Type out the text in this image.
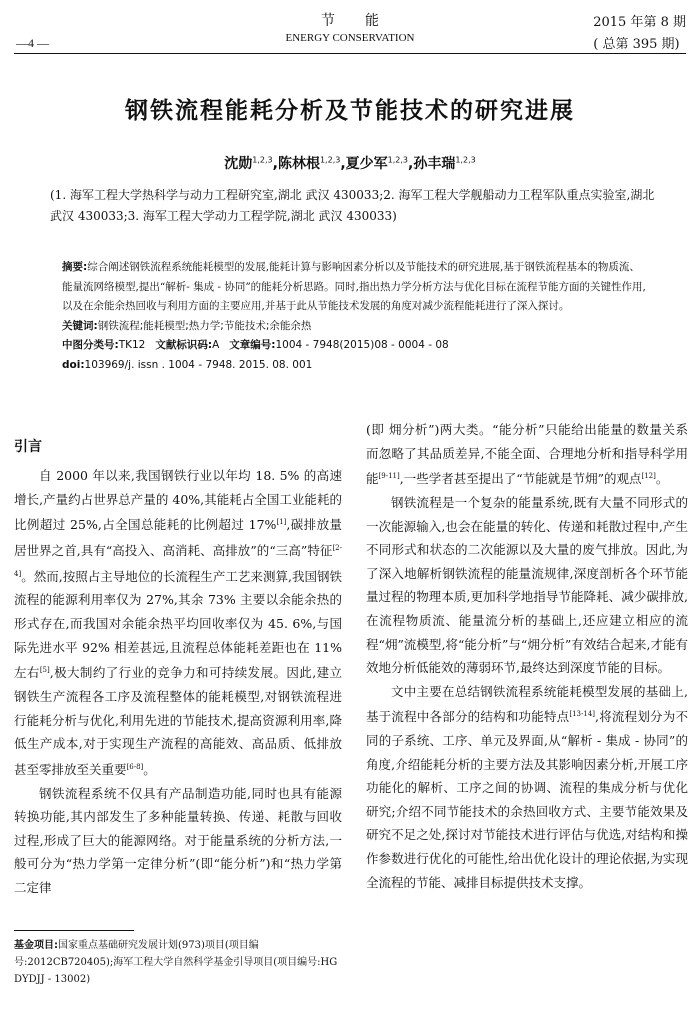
节能
ENERGY CONSERVATION
—4 —
2015 年第 8 期
( 总第 395 期)
钢铁流程能耗分析及节能技术的研究进展
沈勋$^{1,2,3}$,陈林根$^{1,2,3}$,夏少军$^{1,2,3}$,孙丰瑞$^{1,2,3}$
(1. 海军工程大学热科学与动力工程研究室,湖北 武汉 430033;2. 海军工程大学舰船动力工程军队重点实验室,湖北 武汉 430033;3. 海军工程大学动力工程学院,湖北 武汉 430033)

摘要:综合阐述钢铁流程系统能耗模型的发展,能耗计算与影响因素分析以及节能技术的研究进展,基于钢铁流程基本的物质流、能量流网络模型,提出“解析- 集成 - 协同”的能耗分析思路。同时,指出热力学分析方法与优化目标在流程节能方面的关键性作用,以及在余能余热回收与利用方面的主要应用,并基于此从节能技术发展的角度对减少流程能耗进行了深入探讨。

关键词:钢铁流程;能耗模型;热力学;节能技术;余能余热

中图分类号:TK12 文献标识码:A 文章编号:1004 - 7948(2015)08 - 0004 - 08

doi:103969/j. issn . 1004 - 7948. 2015. 08. 001

引言

自 2000 年以来,我国钢铁行业以年均 18. 5% 的高速增长,产量约占世界总产量的 40%,其能耗占全国工业能耗的比例超过 25%,占全国总能耗的比例超过 17%[1],碳排放量居世界之首,具有“高投入、高消耗、高排放”的“三高”特征[2-4]。然而,按照占主导地位的长流程生产工艺来测算,我国钢铁流程的能源利用率仅为 27%,其余 73% 主要以余能余热的形式存在,而我国对余能余热平均回收率仅为 45. 6%,与国际先进水平 92% 相差甚远,且流程总体能耗差距也在 11% 左右[5],极大制约了行业的竞争力和可持续发展。因此,建立钢铁生产流程各工序及流程整体的能耗模型,对钢铁流程进行能耗分析与优化,利用先进的节能技术,提高资源利用率,降低生产成本,对于实现生产流程的高能效、高品质、低排放甚至零排放至关重要[6-8]。

钢铁流程系统不仅具有产品制造功能,同时也具有能源转换功能,其内部发生了多种能量转换、传递、耗散与回收过程,形成了巨大的能源网络。对于能量系统的分析方法,一般可分为“热力学第一定律分析”(即“能分析”)和“热力学第二定律

(即 㶲分析”)两大类。“能分析”只能给出能量的数量关系 而忽略了其品质差异,不能全面、合理地分析和指导科学用能[9-11],一些学者甚至提出了“节能就是节㶲”的观点[12]。

钢铁流程是一个复杂的能量系统,既有大量不同形式的一次能源输入,也会在能量的转化、传递和耗散过程中,产生不同形式和状态的二次能源以及大量的废气排放。因此,为了深入地解析钢铁流程的能量流规律,深度剖析各个环节能量过程的物理本质,更加科学地指导节能降耗、减少碳排放,在流程物质流、能量流分析的基础上,还应建立相应的流程“㶲”流模型,将“能分析”与“㶲分析”有效结合起来,才能有效地分析低能效的薄弱环节,最终达到深度节能的目标。

文中主要在总结钢铁流程系统能耗模型发展的基础上,基于流程中各部分的结构和功能特点[13-14],将流程划分为不同的子系统、工序、单元及界面,从“解析 - 集成 - 协同”的角度,介绍能耗分析的主要方法及其影响因素分析,开展工序功能化的解析、工序之间的协调、流程的集成分析与优化研究;介绍不同节能技术的余热回收方式、主要节能效果及研究不足之处,探讨对节能技术进行评估与优选,对结构和操作参数进行优化的可能性,给出优化设计的理论依据,为实现全流程的节能、减排目标提供技术支撑。

基金项目:国家重点基础研究发展计划(973)项目(项目编号:2012CB720405);海军工程大学自然科学基金引导项目(项目编号:HG DYDJJ - 13002)
